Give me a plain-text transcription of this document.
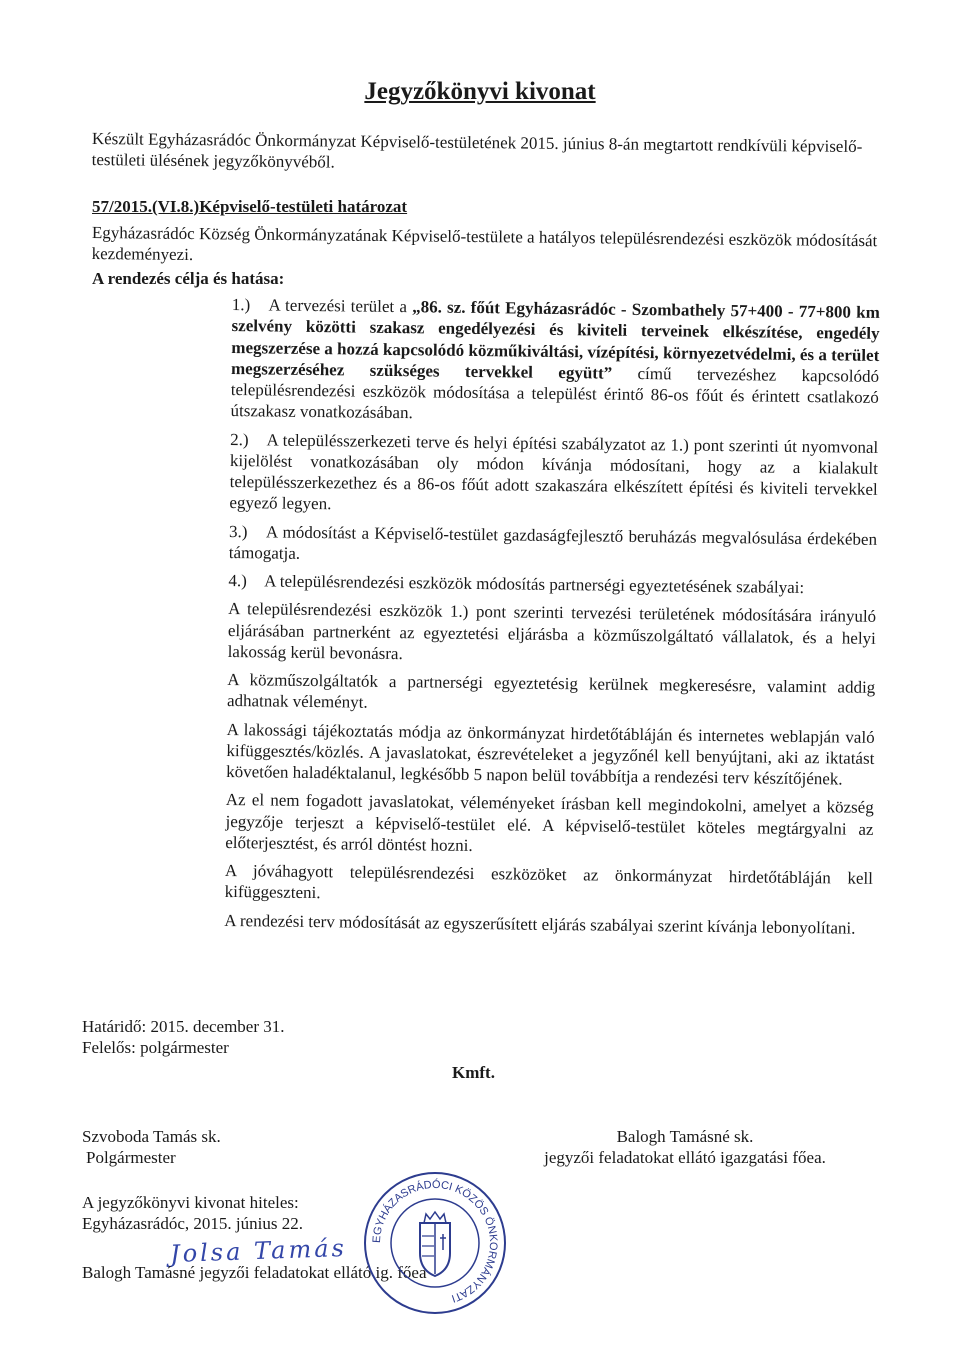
Jegyzőkönyvi kivonat
Készült Egyházasrádóc Önkormányzat Képviselő-testületének 2015. június 8-án megtartott rendkívüli képviselő-testületi ülésének jegyzőkönyvéből.
57/2015.(VI.8.)Képviselő-testületi határozat
Egyházasrádóc Község Önkormányzatának Képviselő-testülete a hatályos településrendezési eszközök módosítását kezdeményezi.
A rendezés célja és hatása:

1.) A tervezési terület a „86. sz. főút Egyházasrádóc - Szombathely 57+400 - 77+800 km szelvény közötti szakasz engedélyezési és kiviteli terveinek elkészítése, engedély megszerzése a hozzá kapcsolódó közműkiváltási, vízépítési, környezetvédelmi, és a terület megszerzéséhez szükséges tervekkel együtt” című tervezéshez kapcsolódó településrendezési eszközök módosítása a települést érintő 86-os főút és érintett csatlakozó útszakasz vonatkozásában.

2.) A településszerkezeti terve és helyi építési szabályzatot az 1.) pont szerinti út nyomvonal kijelölést vonatkozásában oly módon kívánja módosítani, hogy az a kialakult településszerkezethez és a 86-os főút adott szakaszára elkészített építési és kiviteli tervekkel egyező legyen.

3.) A módosítást a Képviselő-testület gazdaságfejlesztő beruházás megvalósulása érdekében támogatja.

4.) A településrendezési eszközök módosítás partnerségi egyeztetésének szabályai:

A településrendezési eszközök 1.) pont szerinti tervezési területének módosítására irányuló eljárásában partnerként az egyeztetési eljárásba a közműszolgáltató vállalatok, és a helyi lakosság kerül bevonásra.

A közműszolgáltatók a partnerségi egyeztetésig kerülnek megkeresésre, valamint addig adhatnak véleményt.

A lakossági tájékoztatás módja az önkormányzat hirdetőtábláján és internetes weblapján való kifüggesztés/közlés. A javaslatokat, észrevételeket a jegyzőnél kell benyújtani, aki az iktatást követően haladéktalanul, legkésőbb 5 napon belül továbbítja a rendezési terv készítőjének.

Az el nem fogadott javaslatokat, véleményeket írásban kell megindokolni, amelyet a község jegyzője terjeszt a képviselő-testület elé. A képviselő-testület köteles megtárgyalni az előterjesztést, és arról döntést hozni.

A jóváhagyott településrendezési eszközöket az önkormányzat hirdetőtábláján kell kifüggeszteni.

A rendezési terv módosítását az egyszerűsített eljárás szabályai szerint kívánja lebonyolítani.

Határidő: 2015. december 31.
Felelős: polgármester
Kmft.
Szvoboda Tamás sk.
Polgármester
Balogh Tamásné sk.
jegyzői feladatokat ellátó igazgatási főea.
A jegyzőkönyvi kivonat hiteles:
Egyházasrádóc, 2015. június 22.
Jolsa Tamás
Balogh Tamásné jegyzői feladatokat ellátó ig. főea
EGYHÁZASRÁDÓCI KÖZÖS ÖNKORMÁNYZATI
